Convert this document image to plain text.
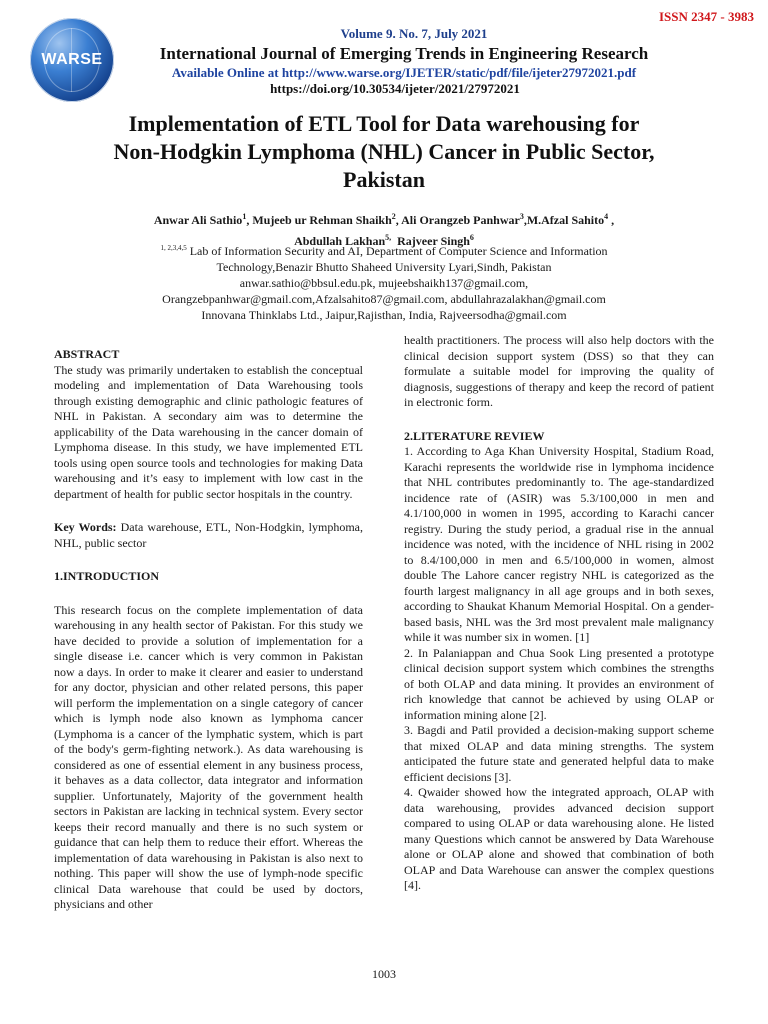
ISSN 2347 - 3983
WARSE
Volume 9. No. 7, July 2021
International Journal of Emerging Trends in Engineering Research
Available Online at http://www.warse.org/IJETER/static/pdf/file/ijeter27972021.pdf
https://doi.org/10.30534/ijeter/2021/27972021
Implementation of ETL Tool for Data warehousing for
Non-Hodgkin Lymphoma (NHL) Cancer in Public Sector,
Pakistan
Anwar Ali Sathio$^1$, Mujeeb ur Rehman Shaikh$^2$, Ali Orangzeb Panhwar$^3$,M.Afzal Sahito$^4$ ,
Abdullah Lakhan$^{5,}$ Rajveer Singh$^6$
$^{1, 2,3,4,5}$ Lab of Information Security and AI, Department of Computer Science and Information
Technology,Benazir Bhutto Shaheed University Lyari,Sindh, Pakistan
anwar.sathio@bbsul.edu.pk, mujeebshaikh137@gmail.com,
Orangzebpanhwar@gmail.com,Afzalsahito87@gmail.com, abdullahrazalakhan@gmail.com
Innovana Thinklabs Ltd., Jaipur,Rajisthan, India, Rajveersodha@gmail.com

ABSTRACT

The study was primarily undertaken to establish the conceptual modeling and implementation of Data Warehousing tools through existing demographic and clinic pathologic features of NHL in Pakistan. A secondary aim was to determine the applicability of the Data warehousing in the cancer domain of Lymphoma disease. In this study, we have implemented ETL tools using open source tools and technologies for making Data warehousing and it’s easy to implement with low cast in the department of health for public sector hospitals in the country.

Key Words: Data warehouse, ETL, Non-Hodgkin, lymphoma, NHL, public sector

1.INTRODUCTION

This research focus on the complete implementation of data warehousing in any health sector of Pakistan. For this study we have decided to provide a solution of implementation for a single disease i.e. cancer which is very common in Pakistan now a days. In order to make it clearer and easier to understand for any doctor, physician and other related persons, this paper will perform the implementation on a single category of cancer which is lymph node also known as lymphoma cancer (Lymphoma is a cancer of the lymphatic system, which is part of the body's germ-fighting network.). As data warehousing is considered as one of essential element in any business process, it behaves as a data collector, data integrator and information supplier. Unfortunately, Majority of the government health sectors in Pakistan are lacking in technical system. Every sector keeps their record manually and there is no such system or guidance that can help them to reduce their effort. Whereas the implementation of data warehousing in Pakistan is also next to nothing. This paper will show the use of lymph-node specific clinical Data warehouse that could be used by doctors, physicians and other

health practitioners. The process will also help doctors with the clinical decision support system (DSS) so that they can formulate a suitable model for improving the quality of diagnosis, suggestions of therapy and keep the record of patient in electronic form.

2.LITERATURE REVIEW

1. According to Aga Khan University Hospital, Stadium Road, Karachi represents the worldwide rise in lymphoma incidence that NHL contributes predominantly to. The age-standardized incidence rate of (ASIR) was 5.3/100,000 in men and 4.1/100,000 in women in 1995, according to Karachi cancer registry. During the study period, a gradual rise in the annual incidence was noted, with the incidence of NHL rising in 2002 to 8.4/100,000 in men and 6.5/100,000 in women, almost double The Lahore cancer registry NHL is categorized as the fourth largest malignancy in all age groups and in both sexes, according to Shaukat Khanum Memorial Hospital. On a gender-based basis, NHL was the 3rd most prevalent male malignancy while it was number six in women. [1]

2. In Palaniappan and Chua Sook Ling presented a prototype clinical decision support system which combines the strengths of both OLAP and data mining. It provides an environment of rich knowledge that cannot be achieved by using OLAP or information mining alone [2].

3. Bagdi and Patil provided a decision-making support scheme that mixed OLAP and data mining strengths. The system anticipated the future state and generated helpful data to make efficient decisions [3].

4. Qwaider showed how the integrated approach, OLAP with data warehousing, provides advanced decision support compared to using OLAP or data warehousing alone. He listed many Questions which cannot be answered by Data Warehouse alone or OLAP alone and showed that combination of both OLAP and Data Warehouse can answer the complex questions [4].

1003
